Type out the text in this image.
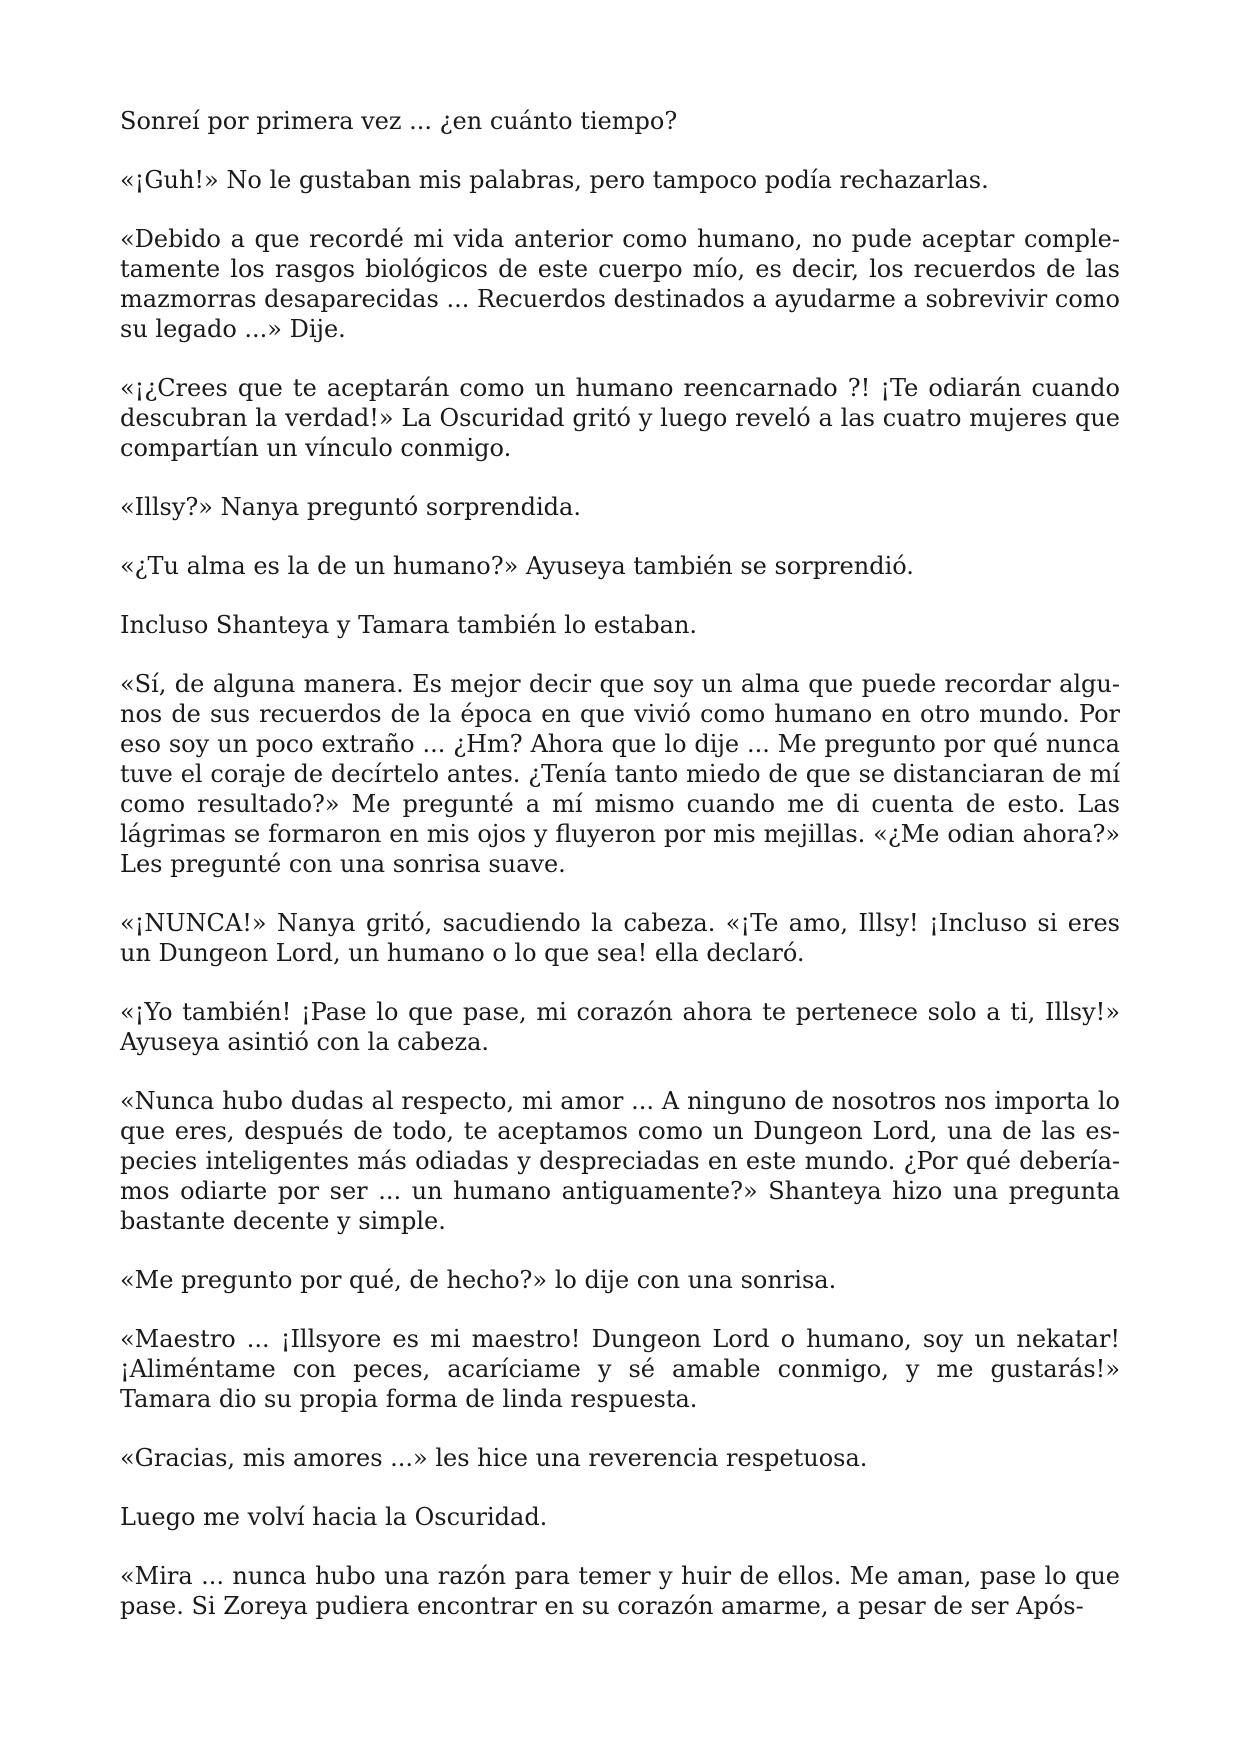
Sonreí por primera vez ... ¿en cuánto tiempo?

«¡Guh!» No le gustaban mis palabras, pero tampoco podía rechazarlas.

«Debido a que recordé mi vida anterior como humano, no pude aceptar completamente los rasgos biológicos de este cuerpo mío, es decir, los recuerdos de las mazmorras desaparecidas ... Recuerdos destinados a ayudarme a sobrevivir como su legado ...» Dije.

«¡¿Crees que te aceptarán como un humano reencarnado ?! ¡Te odiarán cuando descubran la verdad!» La Oscuridad gritó y luego reveló a las cuatro mujeres que compartían un vínculo conmigo.

«Illsy?» Nanya preguntó sorprendida.

«¿Tu alma es la de un humano?» Ayuseya también se sorprendió.

Incluso Shanteya y Tamara también lo estaban.

«Sí, de alguna manera. Es mejor decir que soy un alma que puede recordar algunos de sus recuerdos de la época en que vivió como humano en otro mundo. Por eso soy un poco extraño ... ¿Hm? Ahora que lo dije ... Me pregunto por qué nunca tuve el coraje de decírtelo antes. ¿Tenía tanto miedo de que se distanciaran de mí como resultado?» Me pregunté a mí mismo cuando me di cuenta de esto. Las lágrimas se formaron en mis ojos y fluyeron por mis mejillas. «¿Me odian ahora?» Les pregunté con una sonrisa suave.

«¡NUNCA!» Nanya gritó, sacudiendo la cabeza. «¡Te amo, Illsy! ¡Incluso si eres un Dungeon Lord, un humano o lo que sea! ella declaró.

«¡Yo también! ¡Pase lo que pase, mi corazón ahora te pertenece solo a ti, Illsy!» Ayuseya asintió con la cabeza.

«Nunca hubo dudas al respecto, mi amor ... A ninguno de nosotros nos importa lo que eres, después de todo, te aceptamos como un Dungeon Lord, una de las especies inteligentes más odiadas y despreciadas en este mundo. ¿Por qué deberíamos odiarte por ser ... un humano antiguamente?» Shanteya hizo una pregunta bastante decente y simple.

«Me pregunto por qué, de hecho?» lo dije con una sonrisa.

«Maestro ... ¡Illsyore es mi maestro! Dungeon Lord o humano, soy un nekatar! ¡Aliméntame con peces, acaríciame y sé amable conmigo, y me gustarás!» Tamara dio su propia forma de linda respuesta.

«Gracias, mis amores ...» les hice una reverencia respetuosa.

Luego me volví hacia la Oscuridad.

«Mira ... nunca hubo una razón para temer y huir de ellos. Me aman, pase lo que pase. Si Zoreya pudiera encontrar en su corazón amarme, a pesar de ser Após-
